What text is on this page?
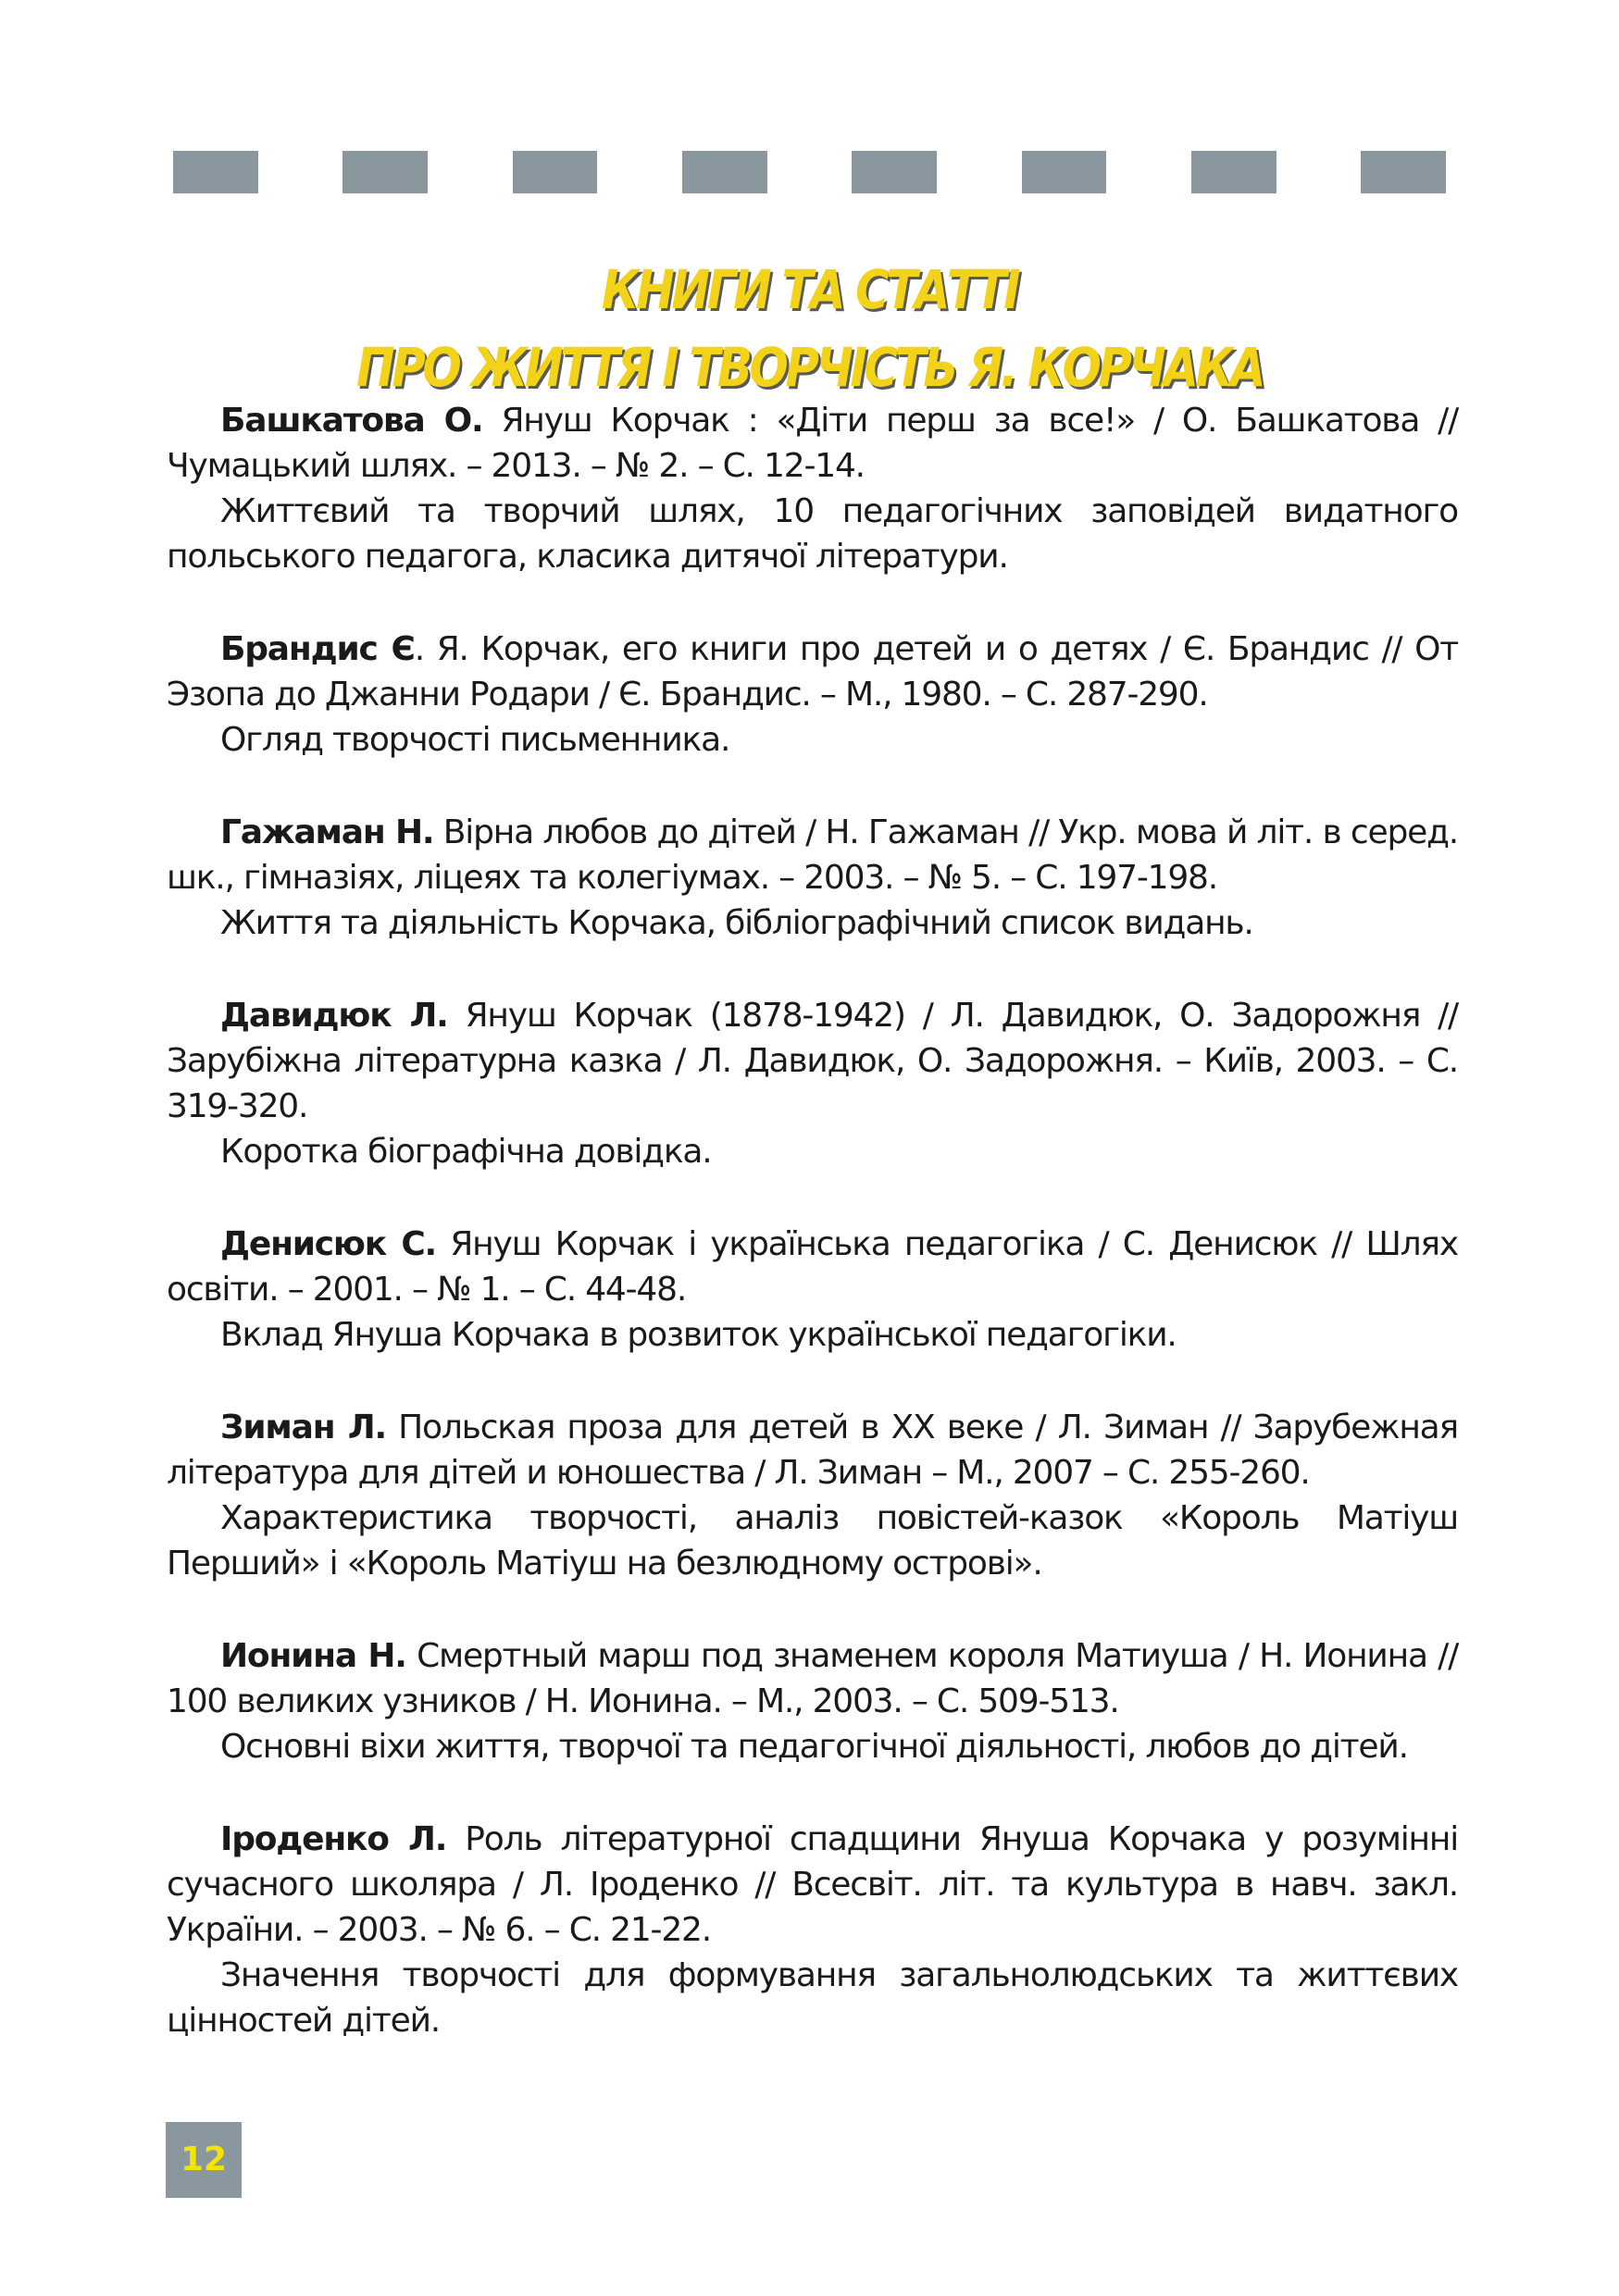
КНИГИ ТА СТАТТІ
ПРО ЖИТТЯ І ТВОРЧІСТЬ Я. КОРЧАКА

Башкатова О. Януш Корчак : «Діти перш за все!» / О. Башкатова // Чумацький шлях. – 2013. – № 2. – С. 12-14.

Життєвий та творчий шлях, 10 педагогічних заповідей видатного польського педагога, класика дитячої літератури.

Брандис Є. Я. Корчак, его книги про детей и о детях / Є. Брандис // От Эзопа до Джанни Родари / Є. Брандис. – М., 1980. – С. 287-290.

Огляд творчості письменника.

Гажаман Н. Вірна любов до дітей / Н. Гажаман // Укр. мова й літ. в серед. шк., гімназіях, ліцеях та колегіумах. – 2003. – № 5. – С. 197-198.

Життя та діяльність Корчака, бібліографічний список видань.

Давидюк Л. Януш Корчак (1878-1942) / Л. Давидюк, О. Задорожня // Зарубіжна літературна казка / Л. Давидюк, О. Задорожня. – Київ, 2003. – С. 319-320.

Коротка біографічна довідка.

Денисюк С. Януш Корчак і українська педагогіка / С. Денисюк // Шлях освіти. – 2001. – № 1. – С. 44-48.

Вклад Януша Корчака в розвиток української педагогіки.

Зиман Л. Польская проза для детей в XX веке / Л. Зиман // Зарубежная література для дітей и юношества / Л. Зиман – М., 2007 – С. 255-260.

Характеристика творчості, аналіз повістей-казок «Король Матіуш Перший» і «Король Матіуш на безлюдному острові».

Ионина Н. Смертный марш под знаменем короля Матиуша / Н. Ионина // 100 великих узников / Н. Ионина. – М., 2003. – С. 509-513.

Основні віхи життя, творчої та педагогічної діяльності, любов до дітей.

Іроденко Л. Роль літературної спадщини Януша Корчака у розумінні сучасного школяра / Л. Іроденко // Всесвіт. літ. та культура в навч. закл. України. – 2003. – № 6. – С. 21-22.

Значення творчості для формування загальнолюдських та життєвих цінностей дітей.

12
